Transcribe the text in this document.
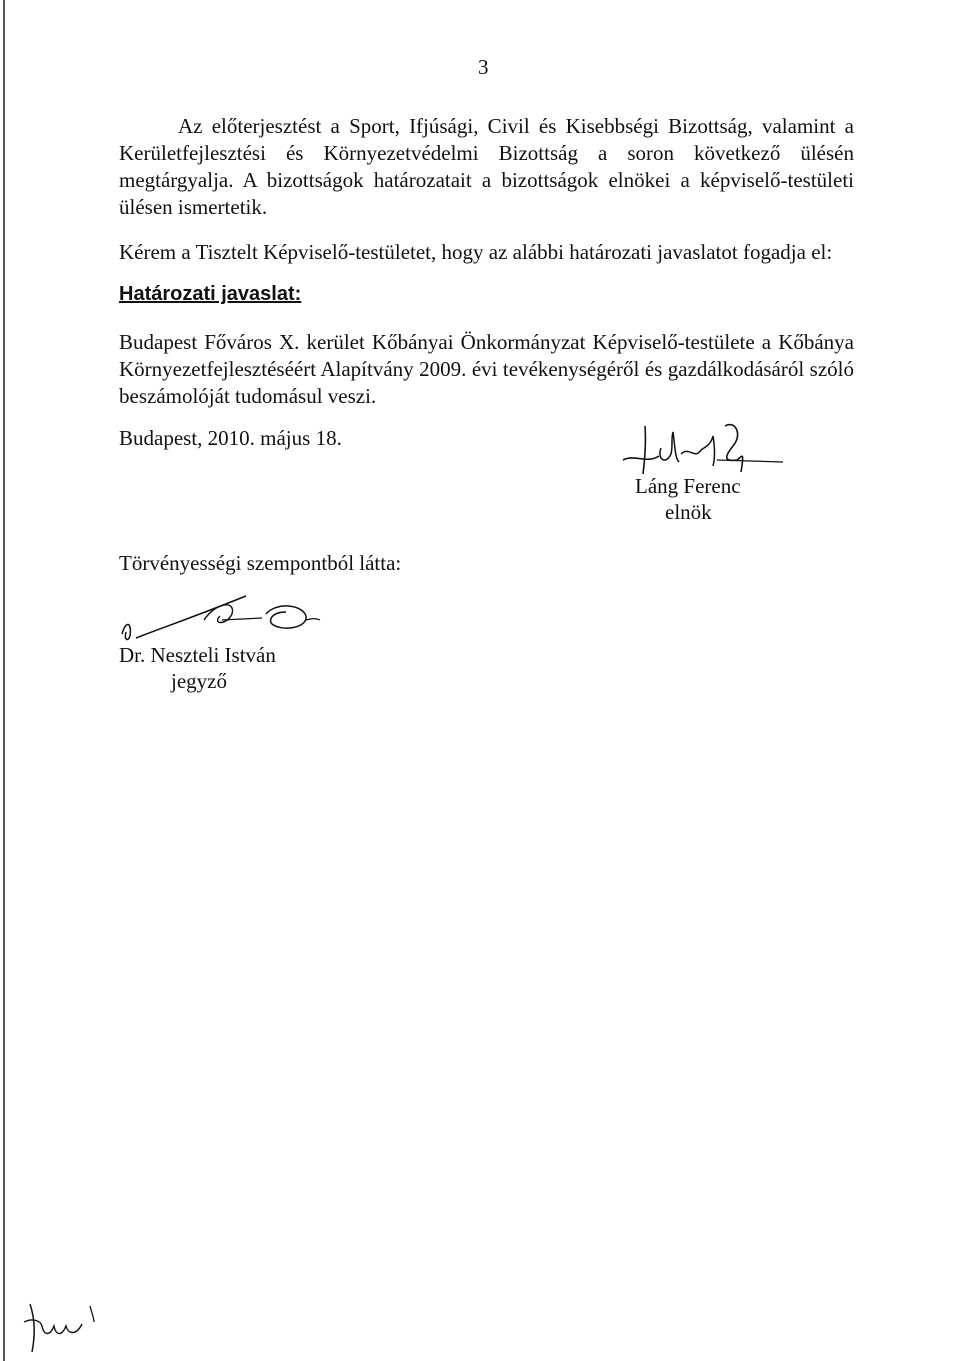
3

Az előterjesztést a Sport, Ifjúsági, Civil és Kisebbségi Bizottság, valamint a Kerületfejlesztési és Környezetvédelmi Bizottság a soron következő ülésén megtárgyalja. A bizottságok határozatait a bizottságok elnökei a képviselő-testületi ülésen ismertetik.

Kérem a Tisztelt Képviselő-testületet, hogy az alábbi határozati javaslatot fogadja el:

Határozati javaslat:

Budapest Főváros X. kerület Kőbányai Önkormányzat Képviselő-testülete a Kőbánya Környezetfejlesztéséért Alapítvány 2009. évi tevékenységéről és gazdálkodásáról szóló beszámolóját tudomásul veszi.

Budapest, 2010. május 18.
Láng Ferenc
elnök
Törvényességi szempontból látta:
Dr. Neszteli István
jegyző
